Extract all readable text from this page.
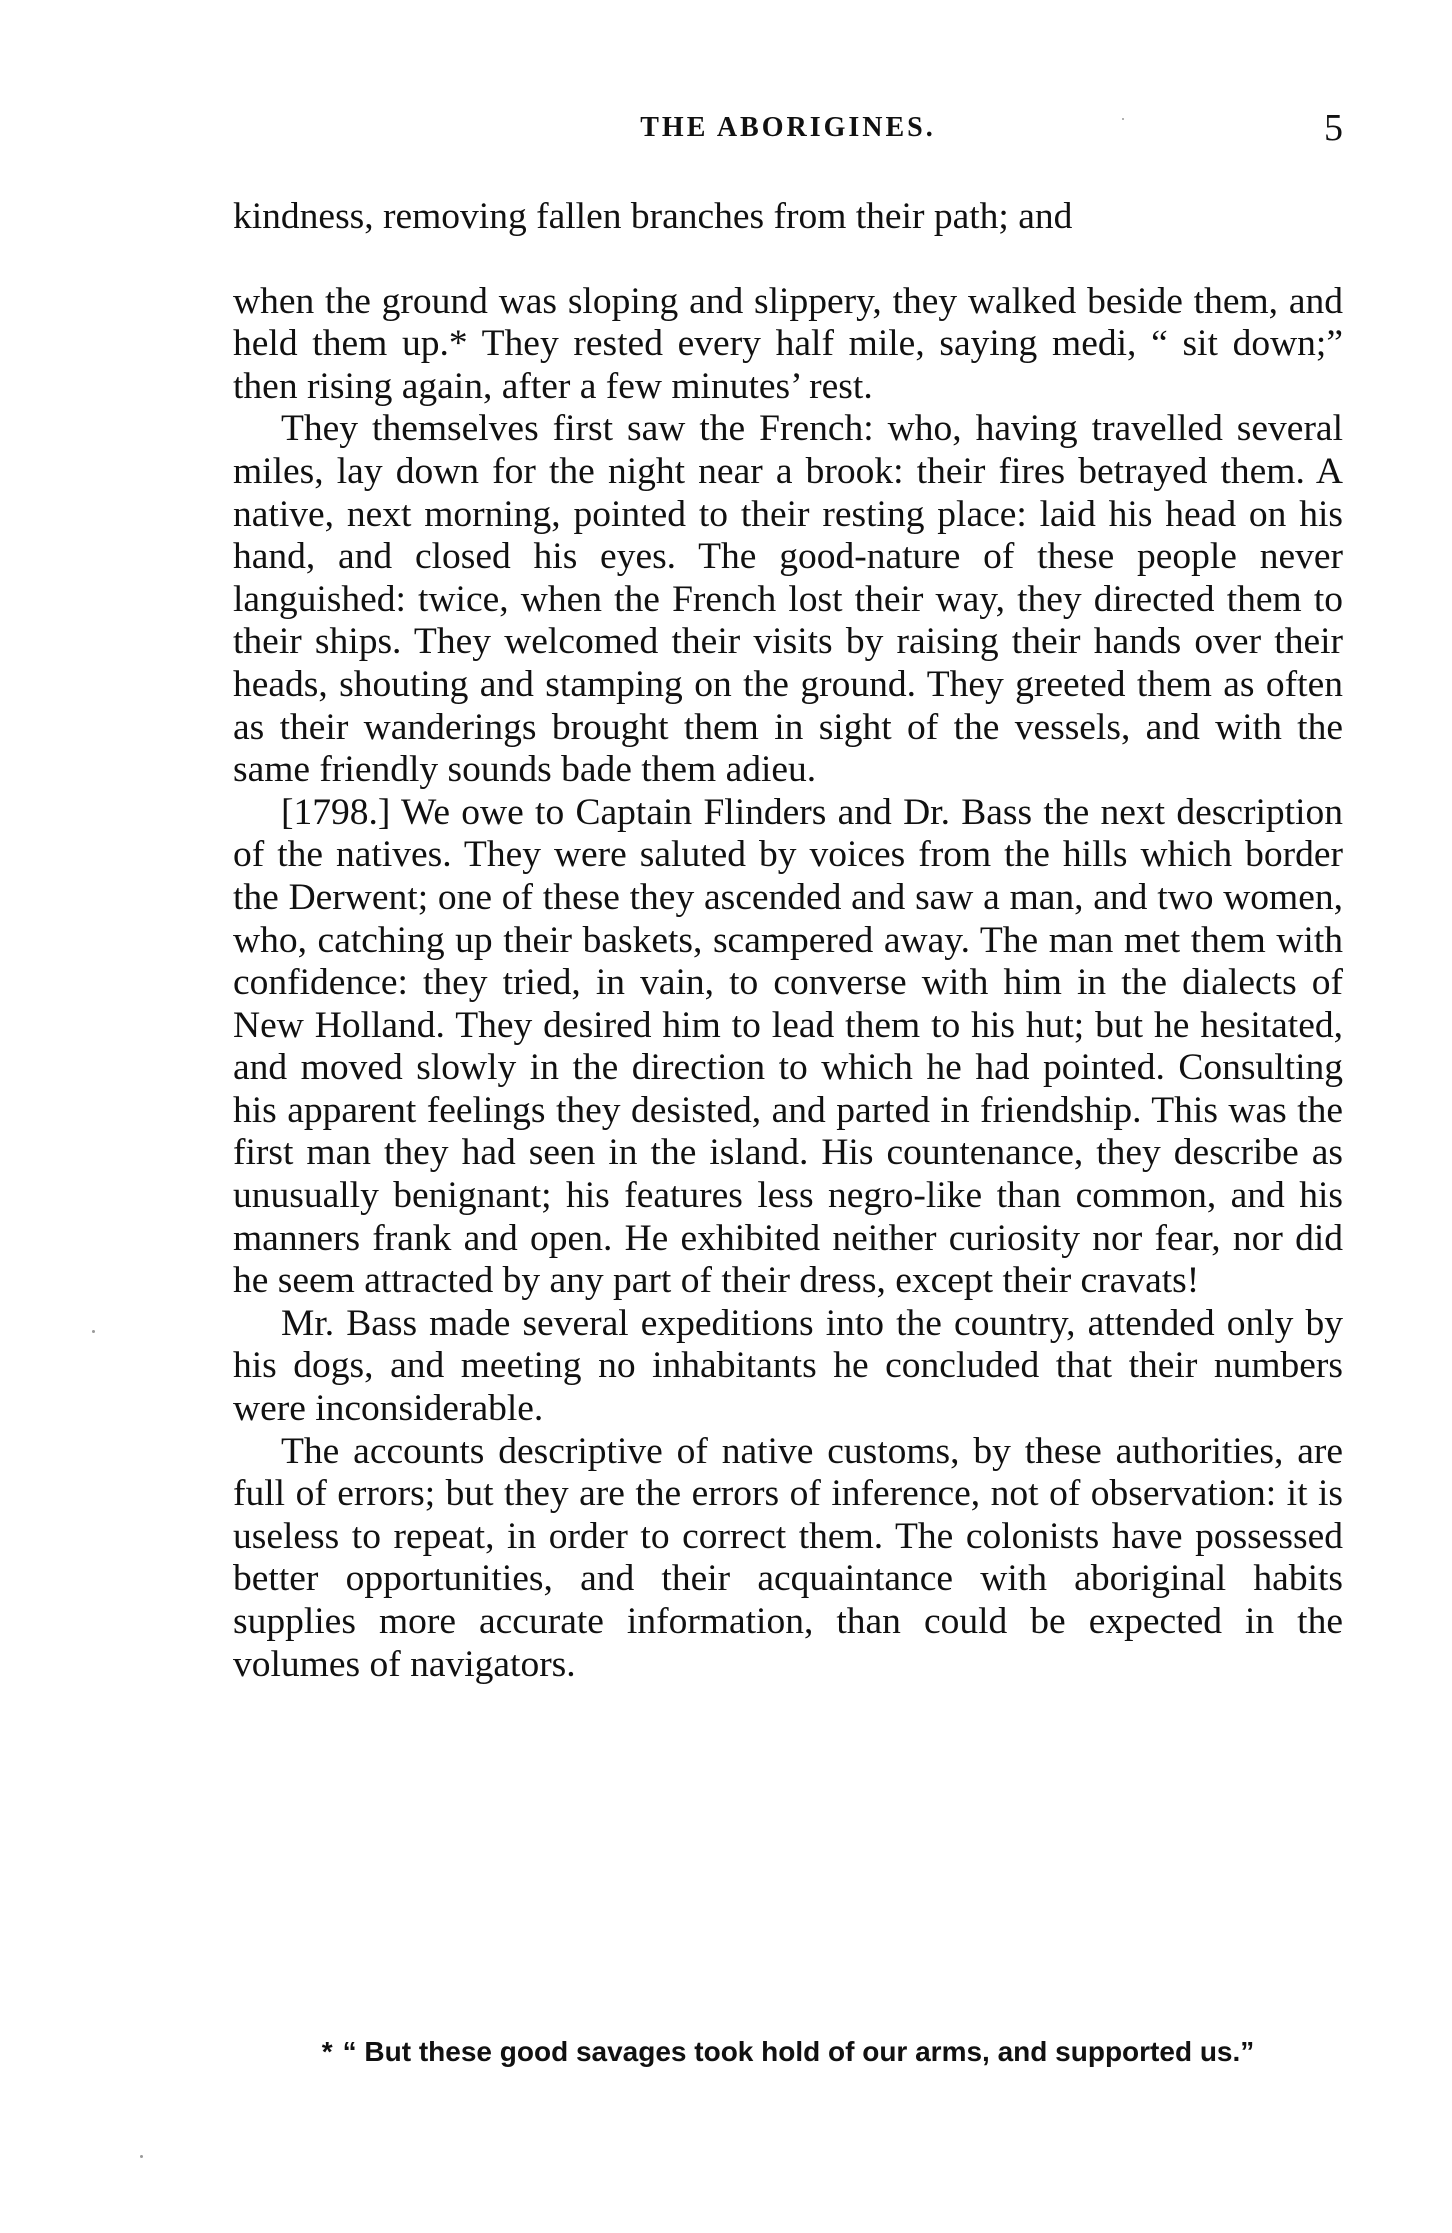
THE ABORIGINES.	5

kindness, removing fallen branches from their path; and

when the ground was sloping and slippery, they walked beside them, and held them up.* They rested every half mile, saying medi, “ sit down;” then rising again, after a few minutes’ rest.

They themselves first saw the French: who, having travelled several miles, lay down for the night near a brook: their fires betrayed them. A native, next morning, pointed to their resting place: laid his head on his hand, and closed his eyes. The good-nature of these people never languished: twice, when the French lost their way, they directed them to their ships. They welcomed their visits by raising their hands over their heads, shouting and stamping on the ground. They greeted them as often as their wanderings brought them in sight of the vessels, and with the same friendly sounds bade them adieu.

[1798.] We owe to Captain Flinders and Dr. Bass the next description of the natives. They were saluted by voices from the hills which border the Derwent; one of these they ascended and saw a man, and two women, who, catching up their baskets, scampered away. The man met them with confidence: they tried, in vain, to converse with him in the dialects of New Holland. They desired him to lead them to his hut; but he hesitated, and moved slowly in the direction to which he had pointed. Consulting his apparent feelings they desisted, and parted in friendship. This was the first man they had seen in the island. His countenance, they describe as unusually benignant; his features less negro-like than common, and his manners frank and open. He exhibited neither curiosity nor fear, nor did he seem attracted by any part of their dress, except their cravats!

Mr. Bass made several expeditions into the country, attended only by his dogs, and meeting no inhabitants he concluded that their numbers were inconsiderable.

The accounts descriptive of native customs, by these authorities, are full of errors; but they are the errors of inference, not of observation: it is useless to repeat, in order to correct them. The colonists have possessed better opportunities, and their acquaintance with aboriginal habits supplies more accurate information, than could be expected in the volumes of navigators.

* “ But these good savages took hold of our arms, and supported us.”
